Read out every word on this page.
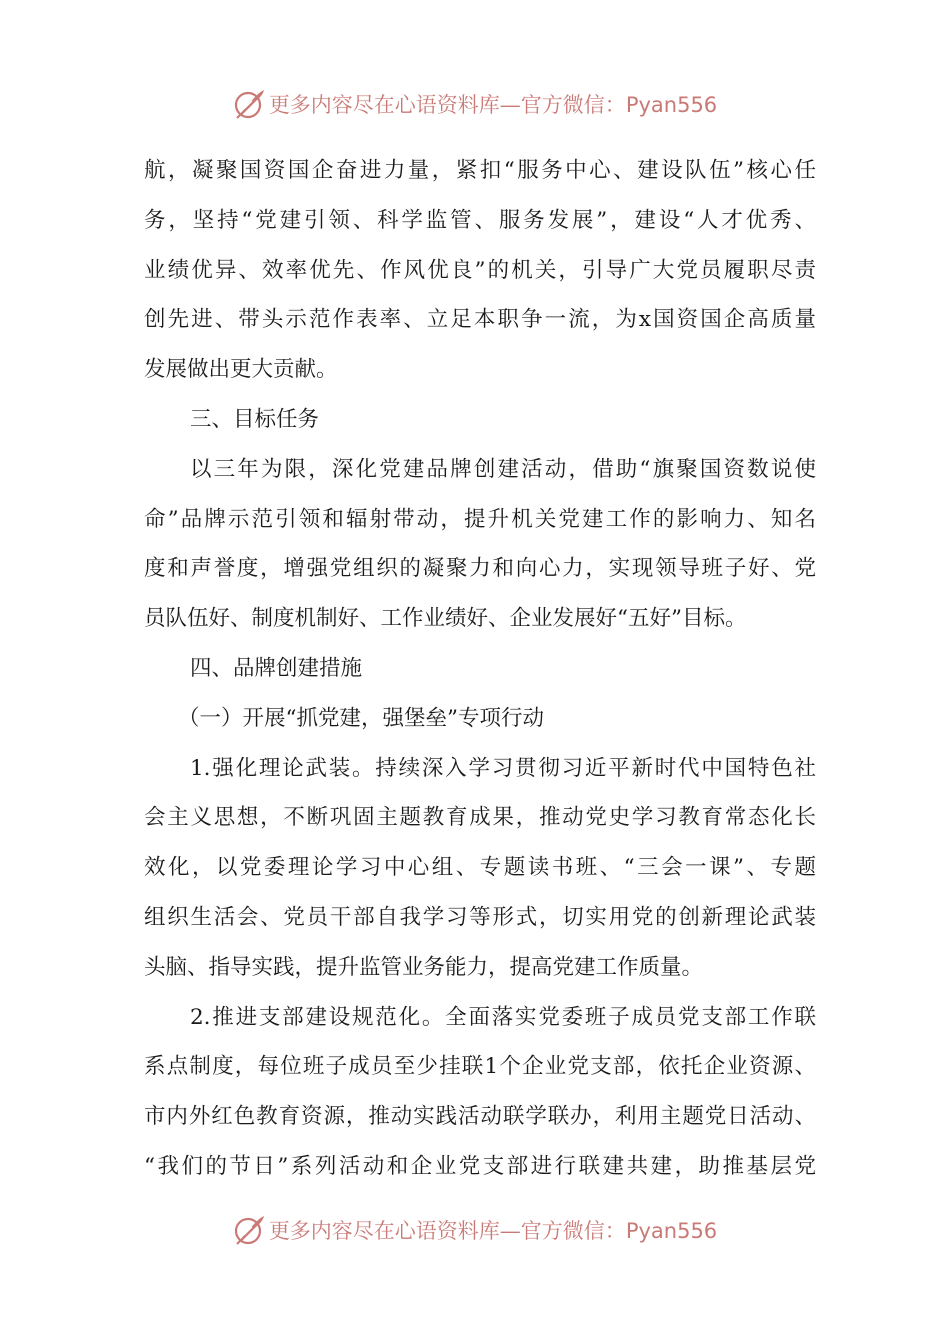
更多内容尽在心语资料库—官方微信：Pyan556
航，凝聚国资国企奋进力量，紧扣“服务中心、建设队伍”核心任
务，坚持“党建引领、科学监管、服务发展”，建设“人才优秀、
业绩优异、效率优先、作风优良”的机关，引导广大党员履职尽责
创先进、带头示范作表率、立足本职争一流，为x国资国企高质量
发展做出更大贡献。
三、目标任务
以三年为限，深化党建品牌创建活动，借助“旗聚国资数说使
命”品牌示范引领和辐射带动，提升机关党建工作的影响力、知名
度和声誉度，增强党组织的凝聚力和向心力，实现领导班子好、党
员队伍好、制度机制好、工作业绩好、企业发展好“五好”目标。
四、品牌创建措施
（一）开展“抓党建，强堡垒”专项行动
1.强化理论武装。持续深入学习贯彻习近平新时代中国特色社
会主义思想，不断巩固主题教育成果，推动党史学习教育常态化长
效化，以党委理论学习中心组、专题读书班、“三会一课”、专题
组织生活会、党员干部自我学习等形式，切实用党的创新理论武装
头脑、指导实践，提升监管业务能力，提高党建工作质量。
2.推进支部建设规范化。全面落实党委班子成员党支部工作联
系点制度，每位班子成员至少挂联1个企业党支部，依托企业资源、
市内外红色教育资源，推动实践活动联学联办，利用主题党日活动、
“我们的节日”系列活动和企业党支部进行联建共建，助推基层党
更多内容尽在心语资料库—官方微信：Pyan556
